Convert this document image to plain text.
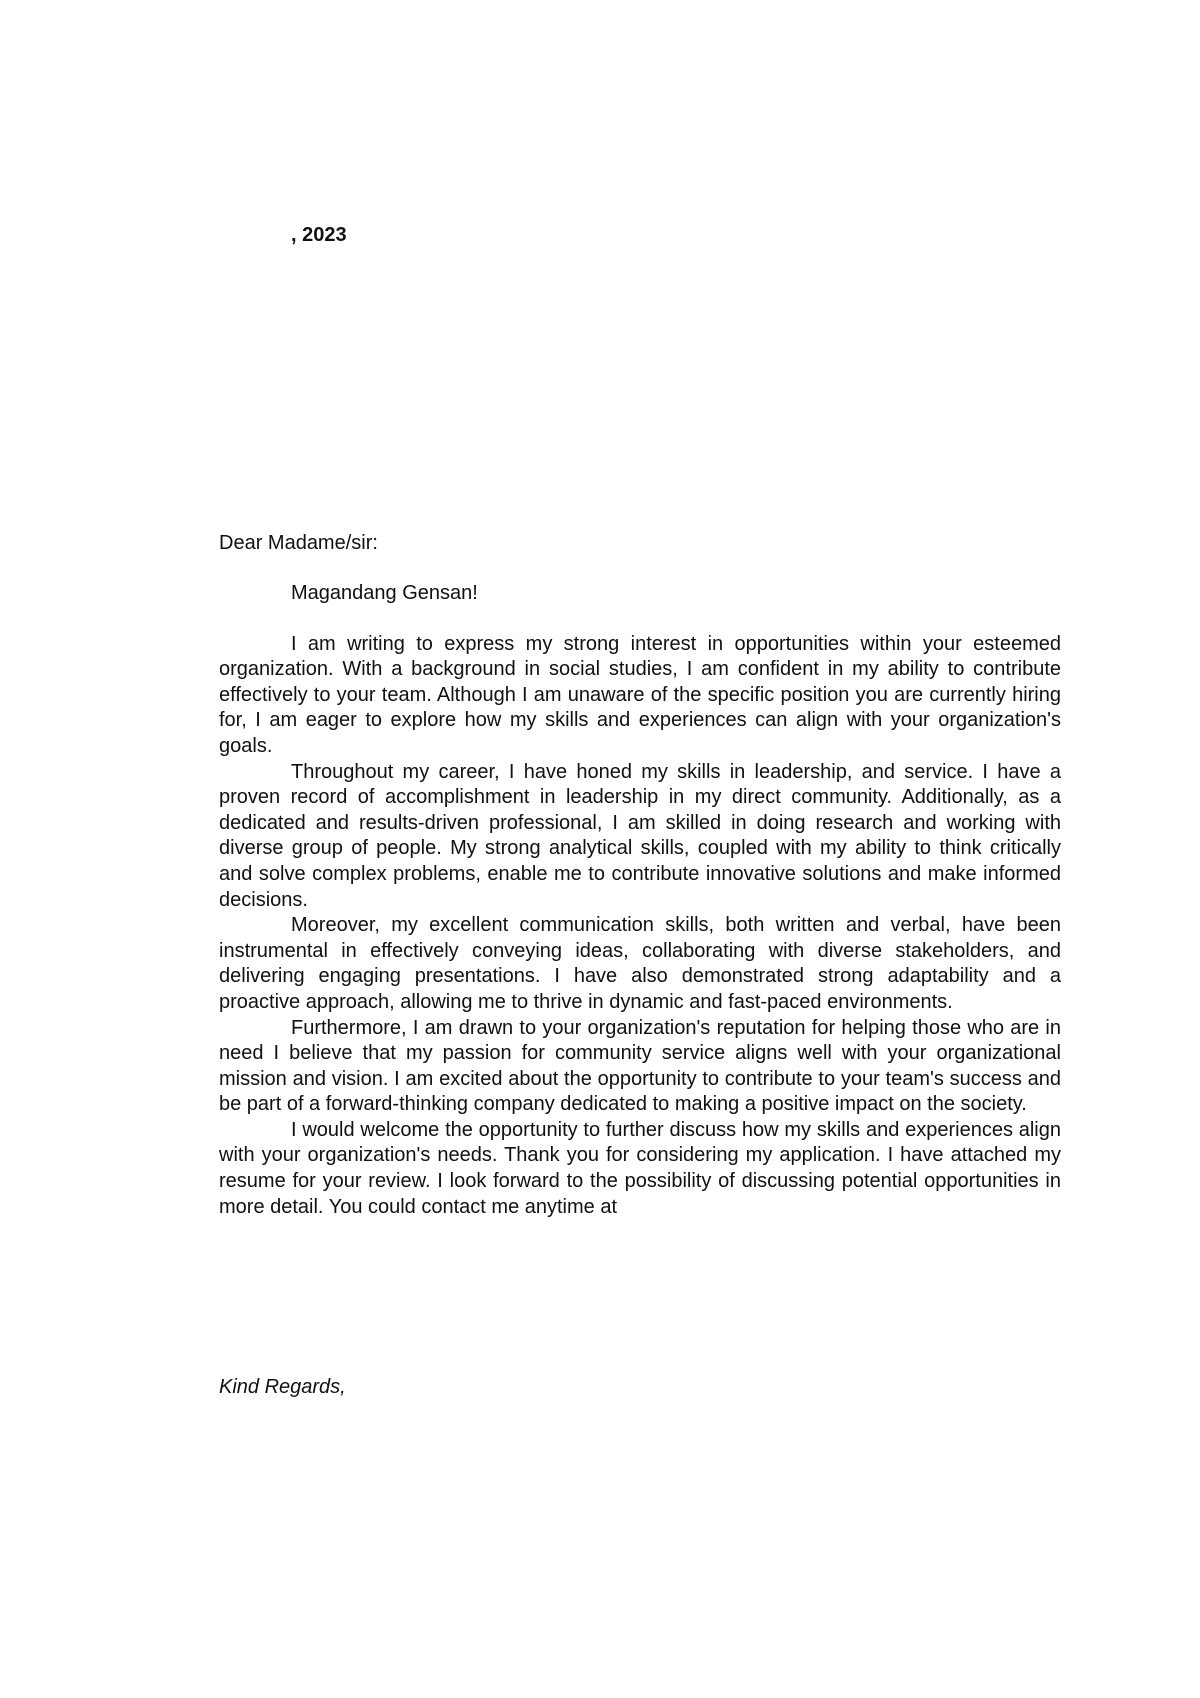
, 2023
Dear Madame/sir:

Magandang Gensan!

I am writing to express my strong interest in opportunities within your esteemed organization. With a background in social studies, I am confident in my ability to contribute effectively to your team. Although I am unaware of the specific position you are currently hiring for, I am eager to explore how my skills and experiences can align with your organization's goals.

Throughout my career, I have honed my skills in leadership, and service. I have a proven record of accomplishment in leadership in my direct community. Additionally, as a dedicated and results-driven professional, I am skilled in doing research and working with diverse group of people. My strong analytical skills, coupled with my ability to think critically and solve complex problems, enable me to contribute innovative solutions and make informed decisions.

Moreover, my excellent communication skills, both written and verbal, have been instrumental in effectively conveying ideas, collaborating with diverse stakeholders, and delivering engaging presentations. I have also demonstrated strong adaptability and a proactive approach, allowing me to thrive in dynamic and fast-paced environments.

Furthermore, I am drawn to your organization's reputation for helping those who are in need I believe that my passion for community service aligns well with your organizational mission and vision. I am excited about the opportunity to contribute to your team's success and be part of a forward-thinking company dedicated to making a positive impact on the society.

I would welcome the opportunity to further discuss how my skills and experiences align with your organization's needs. Thank you for considering my application. I have attached my resume for your review. I look forward to the possibility of discussing potential opportunities in more detail. You could contact me anytime at

Kind Regards,
